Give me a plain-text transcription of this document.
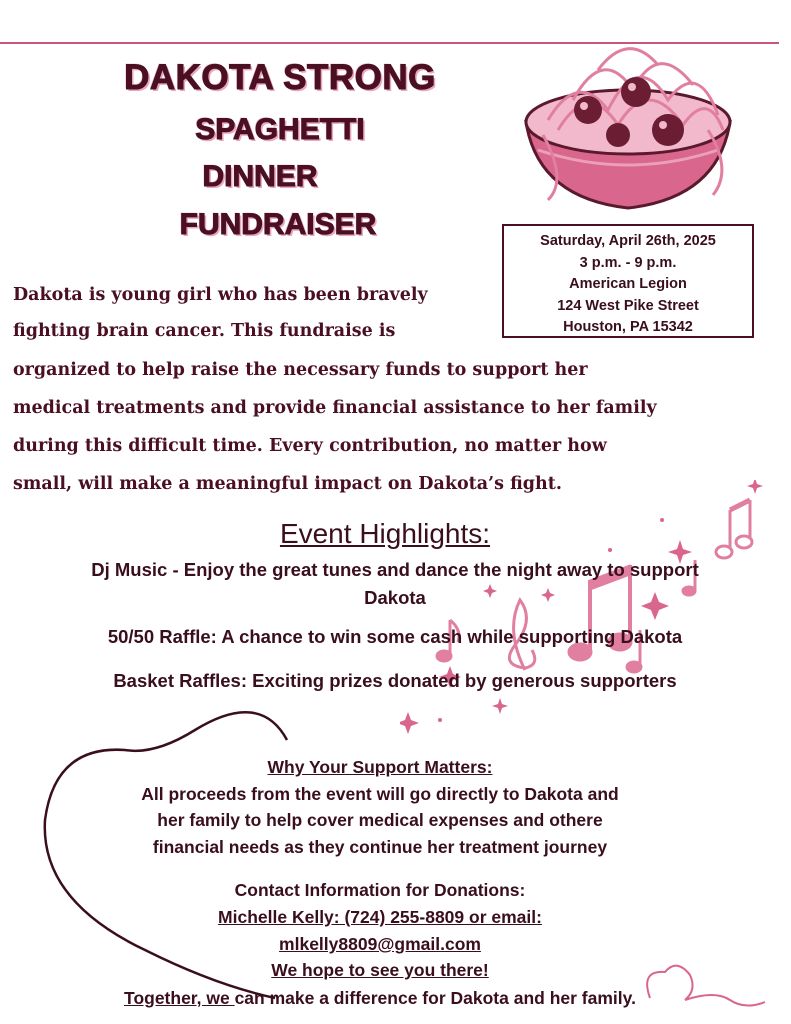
DAKOTA STRONG
SPAGHETTI
DINNER
FUNDRAISER	Saturday, April 26th, 2025
3 p.m. - 9 p.m.
American Legion
124 West Pike Street
Houston, PA 15342
Dakota is young girl who has been bravely
fighting brain cancer. This fundraise is
organized to help raise the necessary funds to support her
medical treatments and provide financial assistance to her family
during this difficult time. Every contribution, no matter how
small, will make a meaningful impact on Dakota’s fight.
Event Highlights:
Dj Music - Enjoy the great tunes and dance the night away to support
Dakota
50/50 Raffle: A chance to win some cash while supporting Dakota
Basket Raffles: Exciting prizes donated by generous supporters
Why Your Support Matters:
All proceeds from the event will go directly to Dakota and
her family to help cover medical expenses and othere
financial needs as they continue her treatment journey
Contact Information for Donations:
Michelle Kelly: (724) 255-8809 or email:
mlkelly8809@gmail.com
We hope to see you there!
Together, we can make a difference for Dakota and her family.
